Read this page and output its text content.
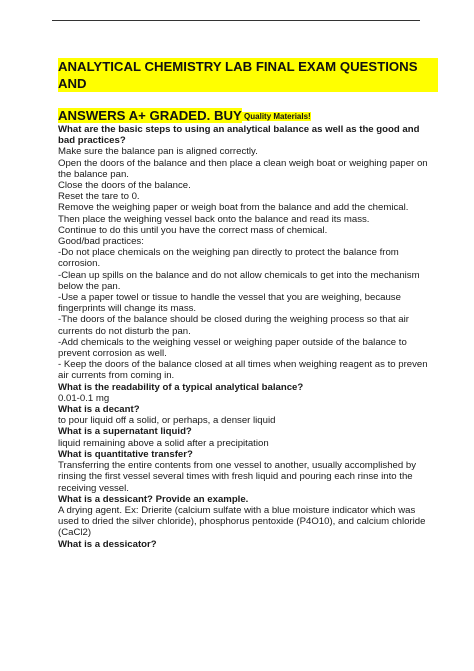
ANALYTICAL CHEMISTRY LAB FINAL EXAM QUESTIONS AND
ANSWERS A+ GRADED. BUY Quality Materials!
What are the basic steps to using an analytical balance as well as the good and
bad practices?
Make sure the balance pan is aligned correctly.
Open the doors of the balance and then place a clean weigh boat or weighing paper on
the balance pan.
Close the doors of the balance.
Reset the tare to 0.
Remove the weighing paper or weigh boat from the balance and add the chemical.
Then place the weighing vessel back onto the balance and read its mass.
Continue to do this until you have the correct mass of chemical.
Good/bad practices:
-Do not place chemicals on the weighing pan directly to protect the balance from
corrosion.
-Clean up spills on the balance and do not allow chemicals to get into the mechanism
below the pan.
-Use a paper towel or tissue to handle the vessel that you are weighing, because
fingerprints will change its mass.
-The doors of the balance should be closed during the weighing process so that air
currents do not disturb the pan.
-Add chemicals to the weighing vessel or weighing paper outside of the balance to
prevent corrosion as well.
- Keep the doors of the balance closed at all times when weighing reagent as to preven
air currents from coming in.
What is the readability of a typical analytical balance?
0.01-0.1 mg
What is a decant?
to pour liquid off a solid, or perhaps, a denser liquid
What is a supernatant liquid?
liquid remaining above a solid after a precipitation
What is quantitative transfer?
Transferring the entire contents from one vessel to another, usually accomplished by
rinsing the first vessel several times with fresh liquid and pouring each rinse into the
receiving vessel.
What is a dessicant? Provide an example.
A drying agent. Ex: Drierite (calcium sulfate with a blue moisture indicator which was
used to dried the silver chloride), phosphorus pentoxide (P4O10), and calcium chloride
(CaCl2)
What is a dessicator?
